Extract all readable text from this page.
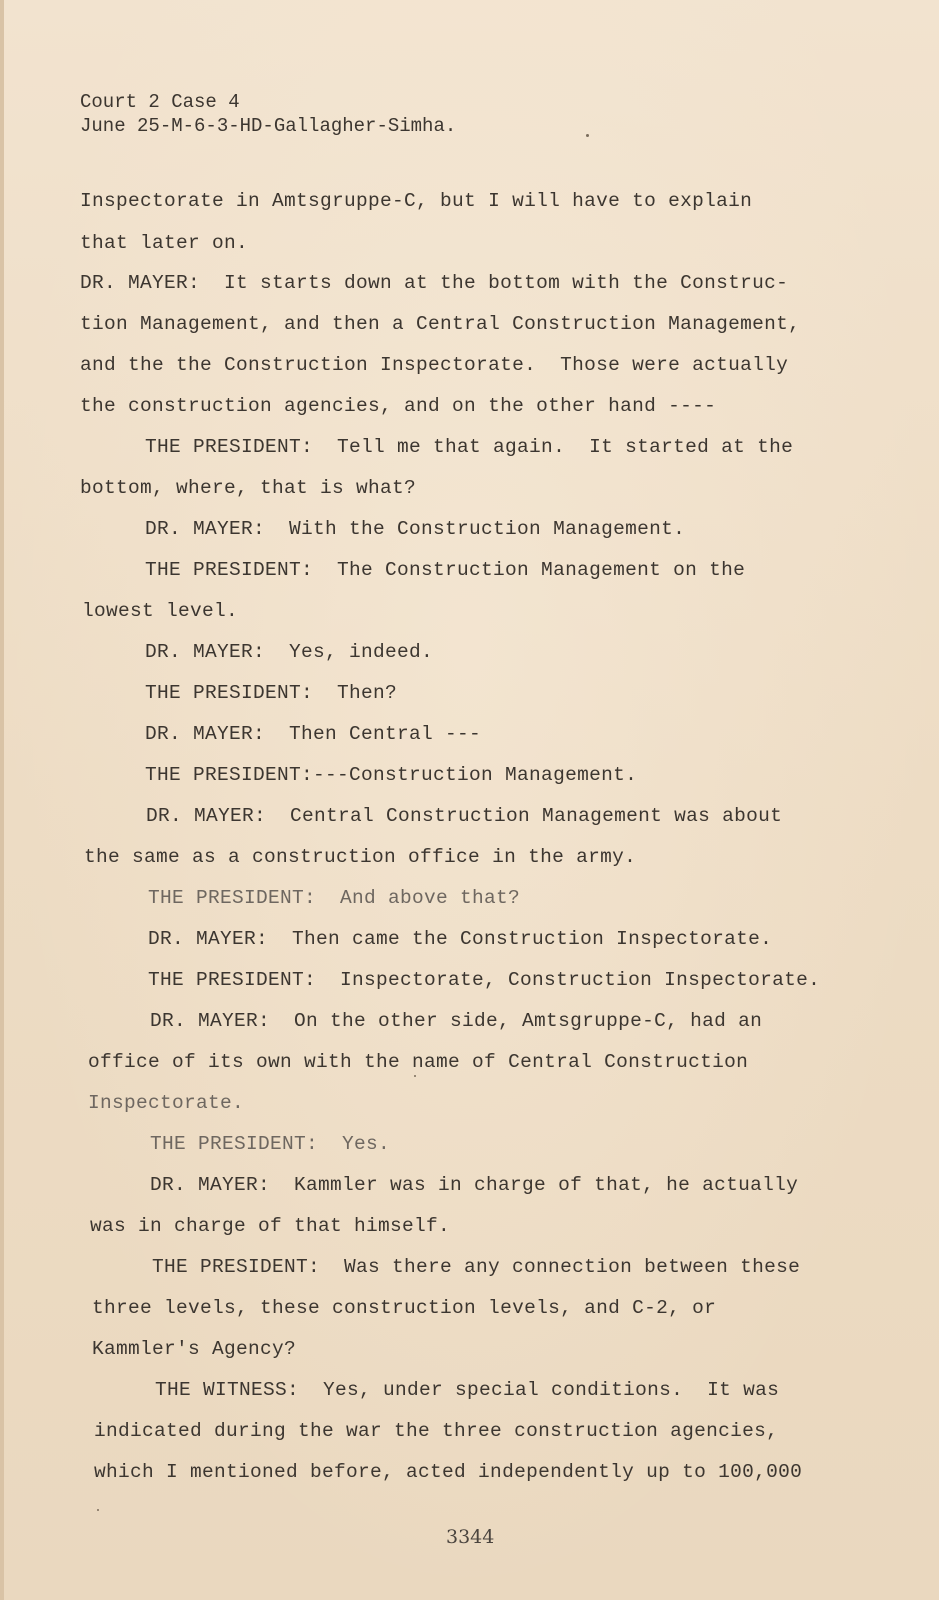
Court 2 Case 4
June 25-M-6-3-HD-Gallagher-Simha.
Inspectorate in Amtsgruppe-C, but I will have to explain
that later on.
DR. MAYER:  It starts down at the bottom with the Construc-
tion Management, and then a Central Construction Management,
and the the Construction Inspectorate.  Those were actually
the construction agencies, and on the other hand ----
THE PRESIDENT:  Tell me that again.  It started at the
bottom, where, that is what?
DR. MAYER:  With the Construction Management.
THE PRESIDENT:  The Construction Management on the
lowest level.
DR. MAYER:  Yes, indeed.
THE PRESIDENT:  Then?
DR. MAYER:  Then Central ---
THE PRESIDENT:---Construction Management.
DR. MAYER:  Central Construction Management was about
the same as a construction office in the army.
THE PRESIDENT:  And above that?
DR. MAYER:  Then came the Construction Inspectorate.
THE PRESIDENT:  Inspectorate, Construction Inspectorate.
DR. MAYER:  On the other side, Amtsgruppe-C, had an
office of its own with the name of Central Construction
Inspectorate.
THE PRESIDENT:  Yes.
DR. MAYER:  Kammler was in charge of that, he actually
was in charge of that himself.
THE PRESIDENT:  Was there any connection between these
three levels, these construction levels, and C-2, or
Kammler's Agency?
THE WITNESS:  Yes, under special conditions.  It was
indicated during the war the three construction agencies,
which I mentioned before, acted independently up to 100,000
3344
